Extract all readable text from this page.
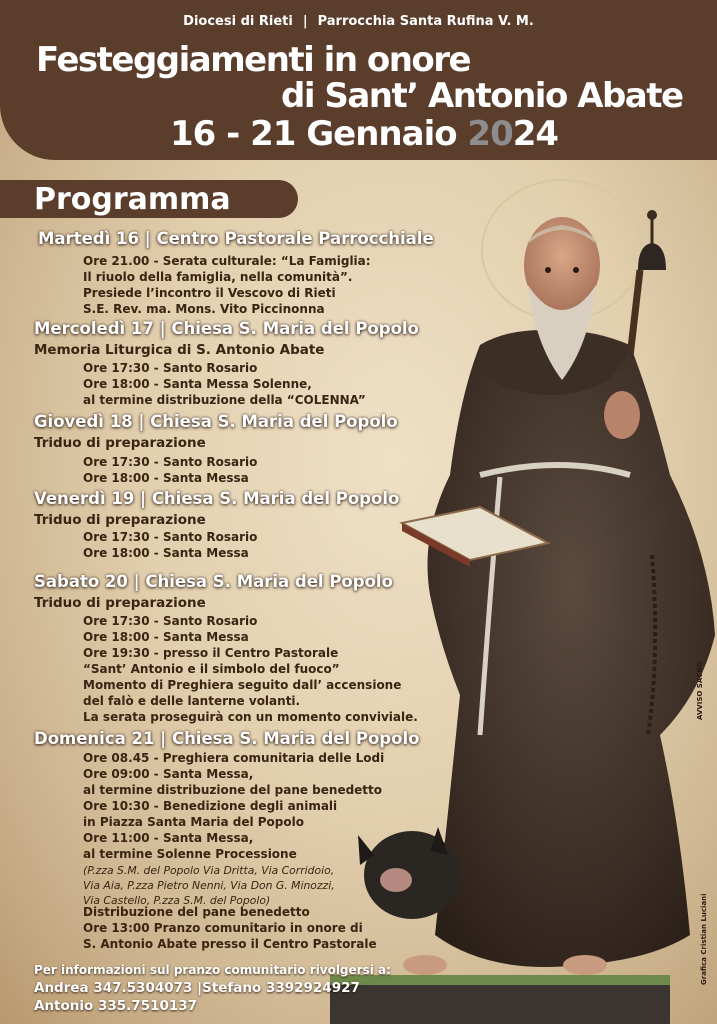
Diocesi di Rieti | Parrocchia Santa Rufina V. M.
Festeggiamenti in onore
di Sant’ Antonio Abate
16 - 21 Gennaio 2024
AVVISO SACRO
Grafica Cristian Luciani
Programma
Martedì 16 | Centro Pastorale Parrocchiale
Ore 21.00 - Serata culturale: “La Famiglia:
Il riuolo della famiglia, nella comunità”.
Presiede l’incontro il Vescovo di Rieti
S.E. Rev. ma. Mons. Vito Piccinonna
Mercoledì 17 | Chiesa S. Maria del Popolo
Memoria Liturgica di S. Antonio Abate
Ore 17:30 - Santo Rosario
Ore 18:00 - Santa Messa Solenne,
al termine distribuzione della “COLENNA”
Giovedì 18 | Chiesa S. Maria del Popolo
Triduo di preparazione
Ore 17:30 - Santo Rosario
Ore 18:00 - Santa Messa
Venerdì 19 | Chiesa S. Maria del Popolo
Triduo di preparazione
Ore 17:30 - Santo Rosario
Ore 18:00 - Santa Messa
Sabato 20 | Chiesa S. Maria del Popolo
Triduo di preparazione
Ore 17:30 - Santo Rosario
Ore 18:00 - Santa Messa
Ore 19:30 - presso il Centro Pastorale
“Sant’ Antonio e il simbolo del fuoco”
Momento di Preghiera seguito dall’ accensione
del falò e delle lanterne volanti.
La serata proseguirà con un momento conviviale.
Domenica 21 | Chiesa S. Maria del Popolo
Ore 08.45 - Preghiera comunitaria delle Lodi
Ore 09:00 - Santa Messa,
al termine distribuzione del pane benedetto
Ore 10:30 - Benedizione degli animali
in Piazza Santa Maria del Popolo
Ore 11:00 - Santa Messa,
al termine Solenne Processione
(P.zza S.M. del Popolo Via Dritta, Via Corridoio,
Via Aia, P.zza Pietro Nenni, Via Don G. Minozzi,
Via Castello, P.zza S.M. del Popolo)
Distribuzione del pane benedetto
Ore 13:00 Pranzo comunitario in onore di
S. Antonio Abate presso il Centro Pastorale
Per informazioni sul pranzo comunitario rivolgersi a:
Andrea 347.5304073 |Stefano 3392924927
Antonio 335.7510137
